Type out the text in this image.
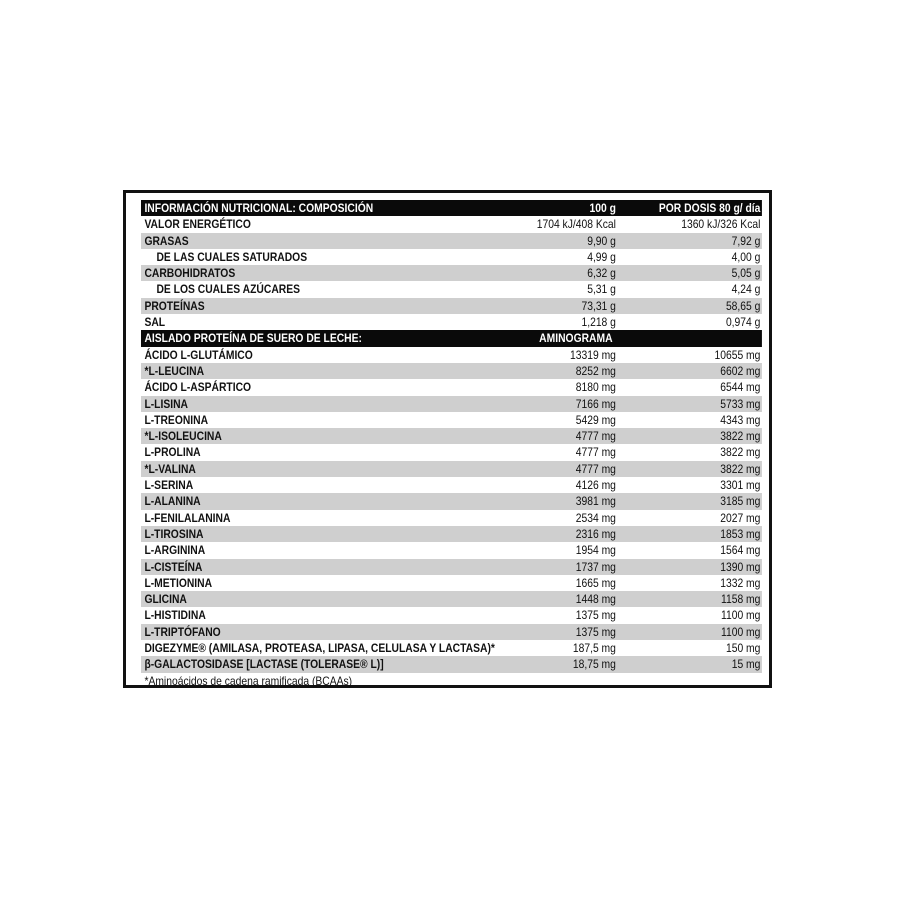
INFORMACIÓN NUTRICIONAL: COMPOSICIÓN	100 g	POR DOSIS 80 g/ día
VALOR ENERGÉTICO	1704 kJ/408 Kcal	1360 kJ/326 Kcal
GRASAS	9,90 g	7,92 g
DE LAS CUALES SATURADOS	4,99 g	4,00 g
CARBOHIDRATOS	6,32 g	5,05 g
DE LOS CUALES AZÚCARES	5,31 g	4,24 g
PROTEÍNAS	73,31 g	58,65 g
SAL	1,218 g	0,974 g
AISLADO PROTEÍNA DE SUERO DE LECHE:	AMINOGRAMA
ÁCIDO L-GLUTÁMICO	13319 mg	10655 mg
*L-LEUCINA	8252 mg	6602 mg
ÁCIDO L-ASPÁRTICO	8180 mg	6544 mg
L-LISINA	7166 mg	5733 mg
L-TREONINA	5429 mg	4343 mg
*L-ISOLEUCINA	4777 mg	3822 mg
L-PROLINA	4777 mg	3822 mg
*L-VALINA	4777 mg	3822 mg
L-SERINA	4126 mg	3301 mg
L-ALANINA	3981 mg	3185 mg
L-FENILALANINA	2534 mg	2027 mg
L-TIROSINA	2316 mg	1853 mg
L-ARGININA	1954 mg	1564 mg
L-CISTEÍNA	1737 mg	1390 mg
L-METIONINA	1665 mg	1332 mg
GLICINA	1448 mg	1158 mg
L-HISTIDINA	1375 mg	1100 mg
L-TRIPTÓFANO	1375 mg	1100 mg
DIGEZYME® (AMILASA, PROTEASA, LIPASA, CELULASA Y LACTASA)*	187,5 mg	150 mg
β-GALACTOSIDASE [LACTASE (TOLERASE® L)]	18,75 mg	15 mg
*Aminoácidos de cadena ramificada (BCAAs)
